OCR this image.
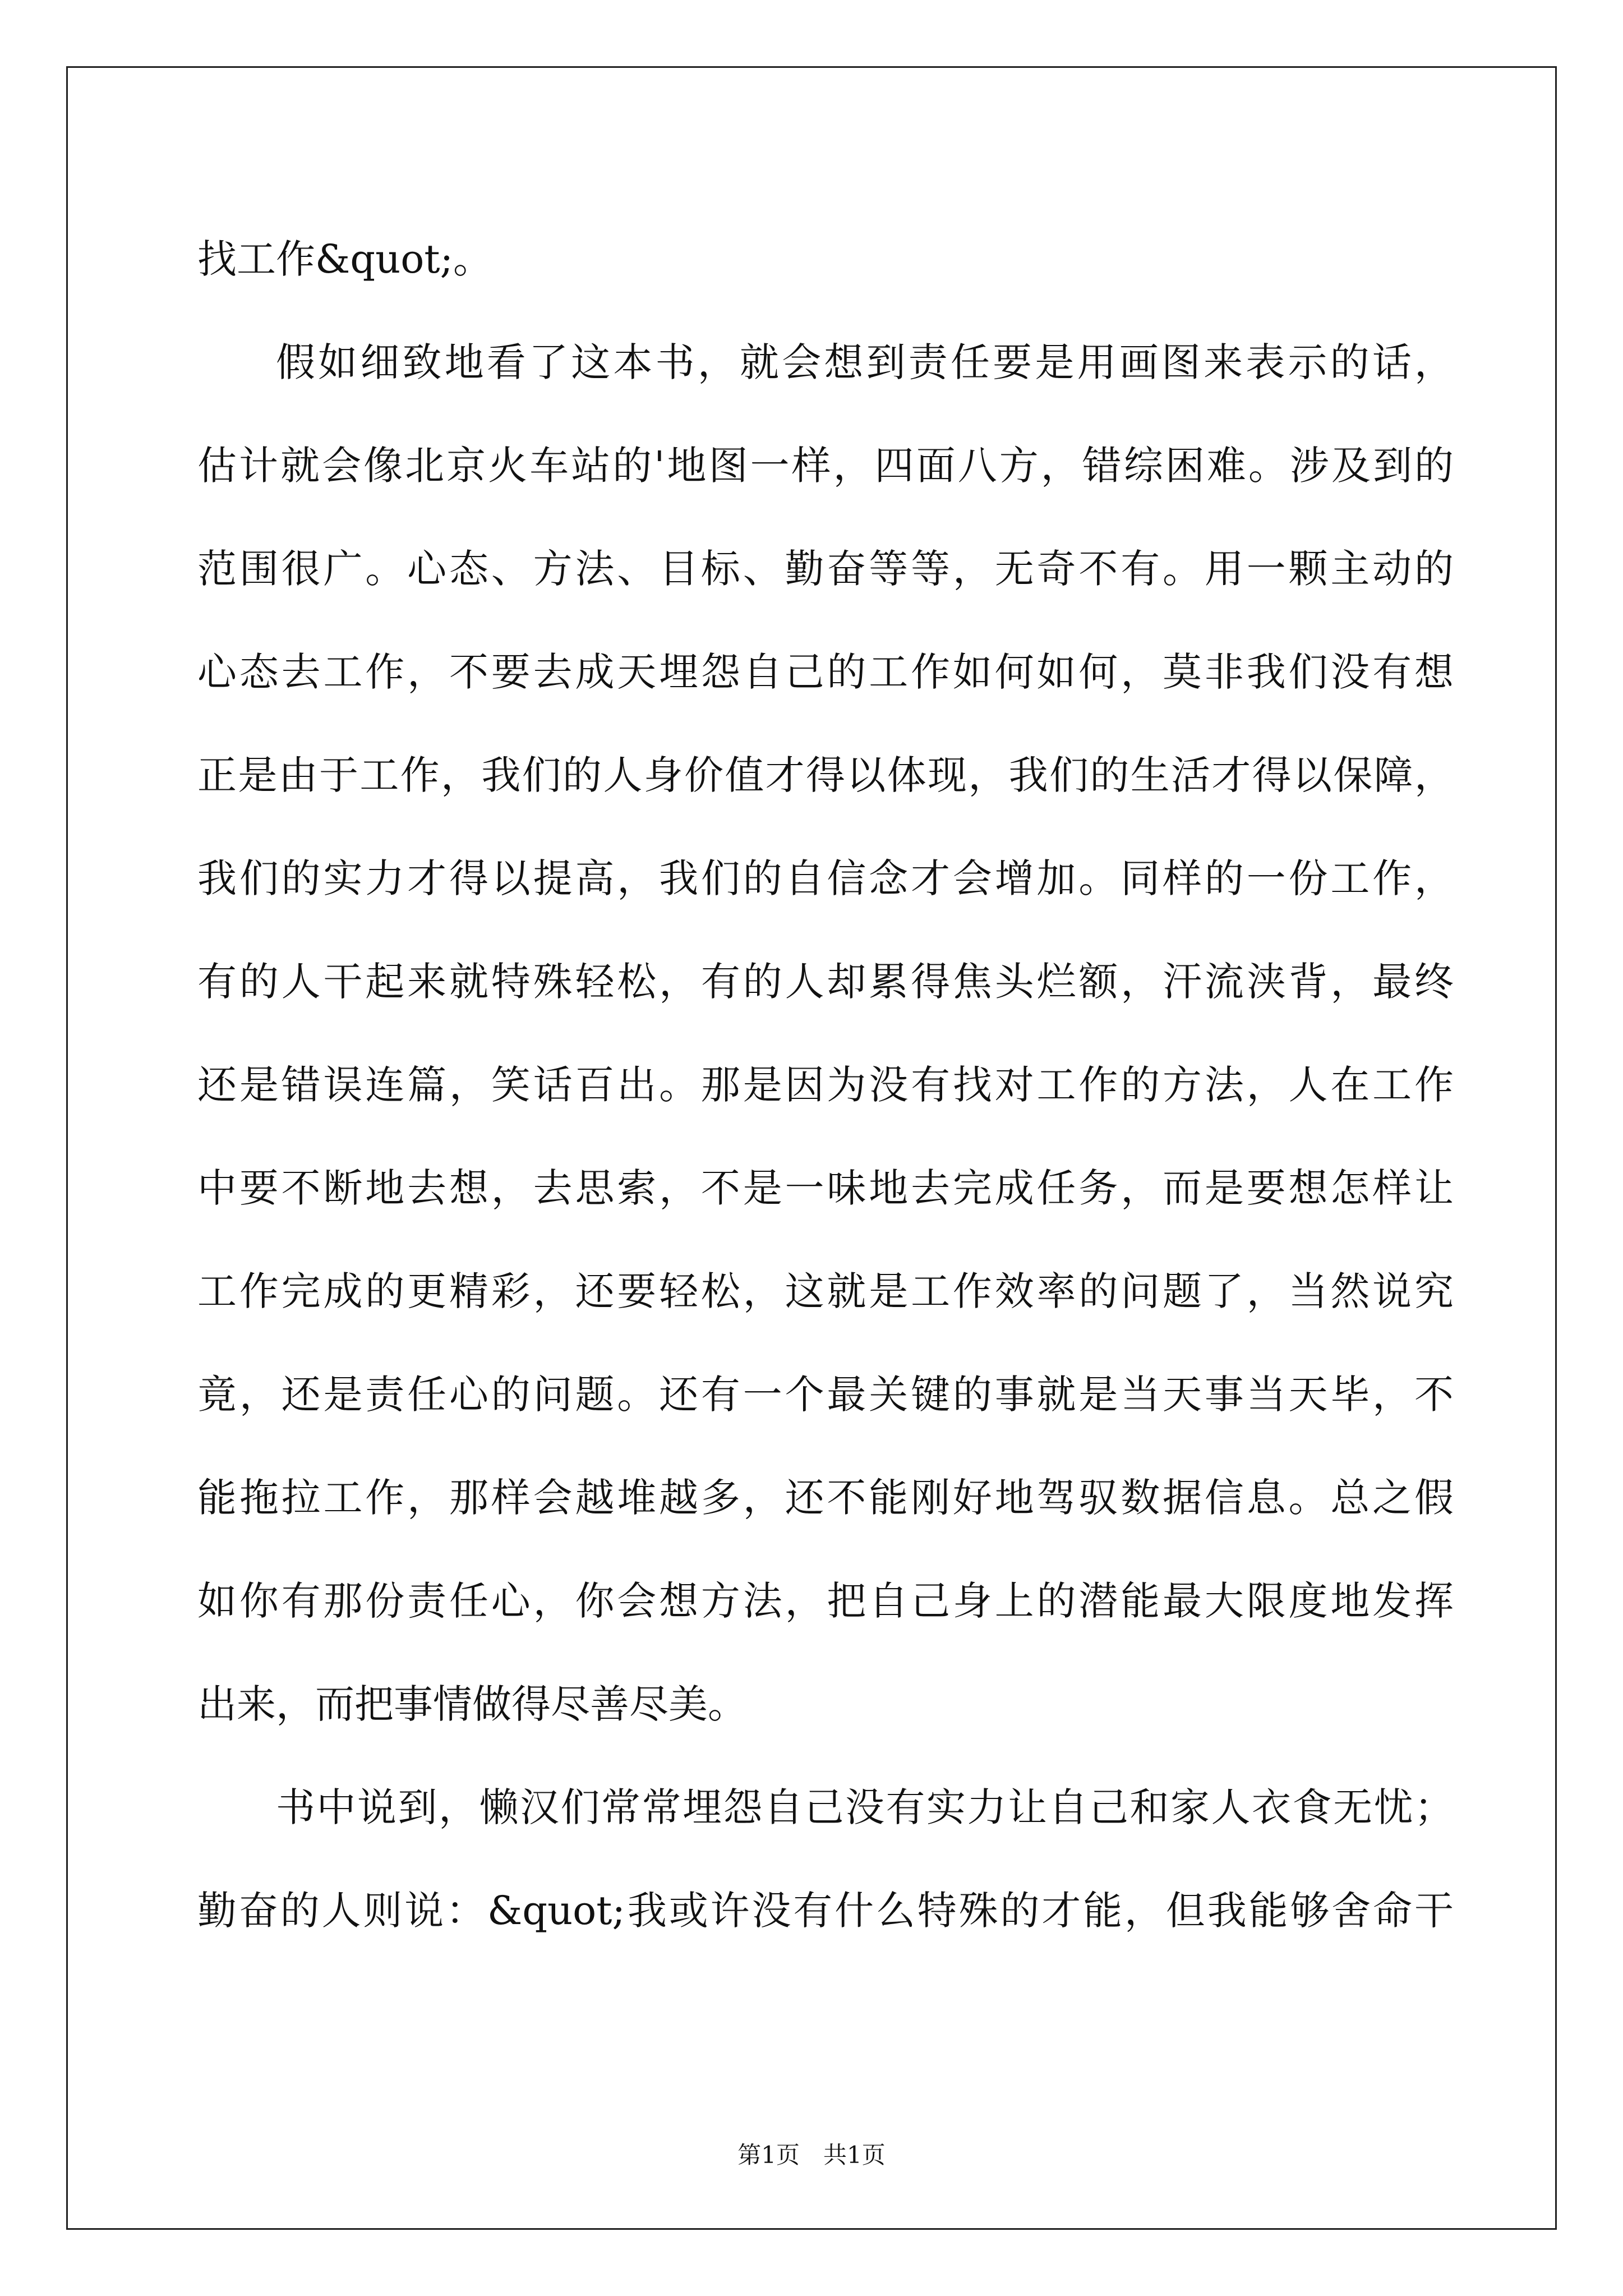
找工作&quot;。
假如细致地看了这本书，就会想到责任要是用画图来表示的话，
估计就会像北京火车站的'地图一样，四面八方，错综困难。涉及到的
范围很广。心态、方法、目标、勤奋等等，无奇不有。用一颗主动的
心态去工作，不要去成天埋怨自己的工作如何如何，莫非我们没有想
正是由于工作，我们的人身价值才得以体现，我们的生活才得以保障，
我们的实力才得以提高，我们的自信念才会增加。同样的一份工作，
有的人干起来就特殊轻松，有的人却累得焦头烂额，汗流浃背，最终
还是错误连篇，笑话百出。那是因为没有找对工作的方法，人在工作
中要不断地去想，去思索，不是一味地去完成任务，而是要想怎样让
工作完成的更精彩，还要轻松，这就是工作效率的问题了，当然说究
竟，还是责任心的问题。还有一个最关键的事就是当天事当天毕，不
能拖拉工作，那样会越堆越多，还不能刚好地驾驭数据信息。总之假
如你有那份责任心，你会想方法，把自己身上的潜能最大限度地发挥
出来，而把事情做得尽善尽美。
书中说到，懒汉们常常埋怨自己没有实力让自己和家人衣食无忧；
勤奋的人则说：&quot;我或许没有什么特殊的才能，但我能够舍命干
第1页　共1页
